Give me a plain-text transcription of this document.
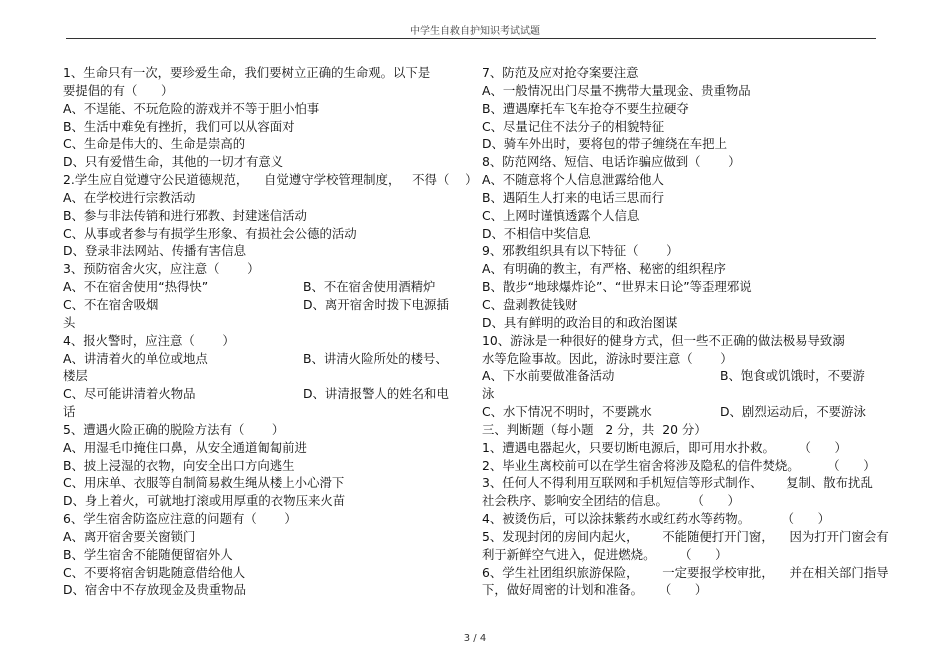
中学生自救自护知识考试试题
1、生命只有一次，要珍爱生命，我们要树立正确的生命观。以下是
要提倡的有（      ）
A、不逞能、不玩危险的游戏并不等于胆小怕事
B、生活中难免有挫折，我们可以从容面对
C、生命是伟大的、生命是崇高的
D、只有爱惜生命，其他的一切才有意义
2.学生应自觉遵守公民道德规范，    自觉遵守学校管理制度，   不得（    ）
A、在学校进行宗教活动
B、参与非法传销和进行邪教、封建迷信活动
C、从事或者参与有损学生形象、有损社会公德的活动
D、登录非法网站、传播有害信息
3、预防宿舍火灾，应注意（       ）
A、不在宿舍使用“热得快”	B、不在宿舍使用酒精炉
C、不在宿舍吸烟	D、离开宿舍时拨下电源插
头
4、报火警时，应注意（       ）
A、讲清着火的单位或地点	B、讲清火险所处的楼号、
楼层
C、尽可能讲清着火物品	D、讲清报警人的姓名和电
话
5、遭遇火险正确的脱险方法有（       ）
A、用湿毛巾掩住口鼻，从安全通道匍匐前进
B、披上浸湿的衣物，向安全出口方向逃生
C、用床单、衣服等自制简易救生绳从楼上小心滑下
D、身上着火，可就地打滚或用厚重的衣物压来火苗
6、学生宿舍防盗应注意的问题有（       ）
A、离开宿舍要关窗锁门
B、学生宿舍不能随便留宿外人
C、不要将宿舍钥匙随意借给他人
D、宿舍中不存放现金及贵重物品
7、防范及应对抢夺案要注意
A、一般情况出门尽量不携带大量现金、贵重物品
B、遭遇摩托车飞车抢夺不要生拉硬夺
C、尽量记住不法分子的相貌特征
D、骑车外出时，要将包的带子缠绕在车把上
8、防范网络、短信、电话诈骗应做到（       ）
A、不随意将个人信息泄露给他人
B、遇陌生人打来的电话三思而行
C、上网时谨慎透露个人信息
D、不相信中奖信息
9、邪教组织具有以下特征（       ）
A、有明确的教主，有严格、秘密的组织程序
B、散步“地球爆炸论”、“世界末日论”等歪理邪说
C、盘剥教徒钱财
D、具有鲜明的政治目的和政治图谋
10、游泳是一种很好的健身方式，但一些不正确的做法极易导致溺
水等危险事故。因此，游泳时要注意（       ）
A、下水前要做准备活动	B、饱食或饥饿时，不要游
泳
C、水下情况不明时，不要跳水	D、剧烈运动后，不要游泳
三、判断题（每小题   2 分，共  20 分）
1、遭遇电器起火，只要切断电源后，即可用水扑救。      （      ）
2、毕业生离校前可以在学生宿舍将涉及隐私的信件焚烧。       （      ）
3、任何人不得利用互联网和手机短信等形式制作、      复制、散布扰乱
社会秩序、影响安全团结的信息。      （      ）
4、被烫伤后，可以涂抹紫药水或红药水等药物。        （      ）
5、发现封闭的房间内起火，      不能随便打开门窗，    因为打开门窗会有
利于新鲜空气进入，促进燃烧。      （      ）
6、学生社团组织旅游保险，      一定要报学校审批，    并在相关部门指导
下，做好周密的计划和准备。    （      ）
3 / 4
